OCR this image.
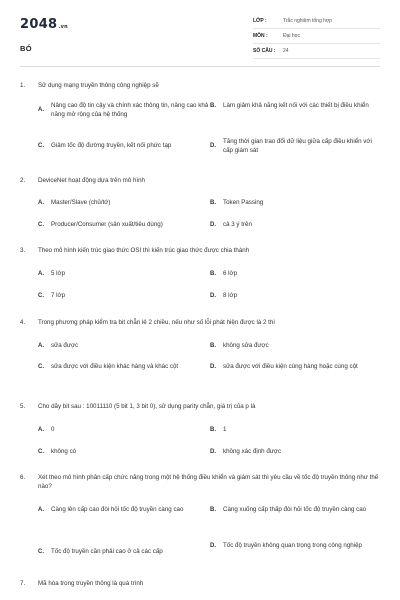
2048.vn
BÓ
LỚP :	Trắc nghiệm tổng hợp
MÔN :	Đại học
SỐ CÂU :	24
1.	Sử dụng mạng truyền thông công nghiệp sẽ
A.
Nâng cao độ tin cậy và chính xác thông tin, nâng cao khả năng mở rộng của hệ thống
B.	Làm giảm khả năng kết nối với các thiết bị điều khiển
C.	Giảm tốc độ đường truyền, kết nối phức tạp	D.
Tăng thời gian trao đổi dữ liệu giữa cấp điều khiển với cấp giám sát
2.	DeviceNet hoạt động dựa trên mô hình
A.	Master/Slave (chủ/tớ)	B.	Token Passing
C.	Producer/Consumer (sản xuất/tiêu dùng)	D.	cả 3 ý trên
3.	Theo mô hình kiến trúc giao thức OSI thì kiến trúc giao thức được chia thành
A.	5 lớp	B.	6 lớp
C.	7 lớp	D.	8 lớp
4.	Trong phương pháp kiểm tra bit chẵn lẻ 2 chiều, nếu như số lỗi phát hiện được là 2 thì
A.	sửa được	B.	không sửa được
C.	sửa được với điều kiện khác hàng và khác cột	D.	sửa được với điều kiện cùng hàng hoặc cùng cột
5.	Cho dãy bit sau : 10011110 (5 bit 1, 3 bit 0), sử dụng parity chẵn, giá trị của p là
A.	0	B.	1
C.	không có	D.	không xác định được
6.	Xét theo mô hình phân cấp chức năng trong một hệ thống điều khiển và giám sát thì yêu cầu về tốc độ truyền thông như thế nào?
A.	Càng lên cấp cao đòi hỏi tốc độ truyền càng cao	B.	Càng xuống cấp thấp đòi hỏi tốc độ truyền càng cao
C.	Tốc độ truyền cần phải cao ở cả các cấp
D.	Tốc độ truyền không quan trọng trong công nghiệp
7.	Mã hóa trong truyền thông là quá trình
